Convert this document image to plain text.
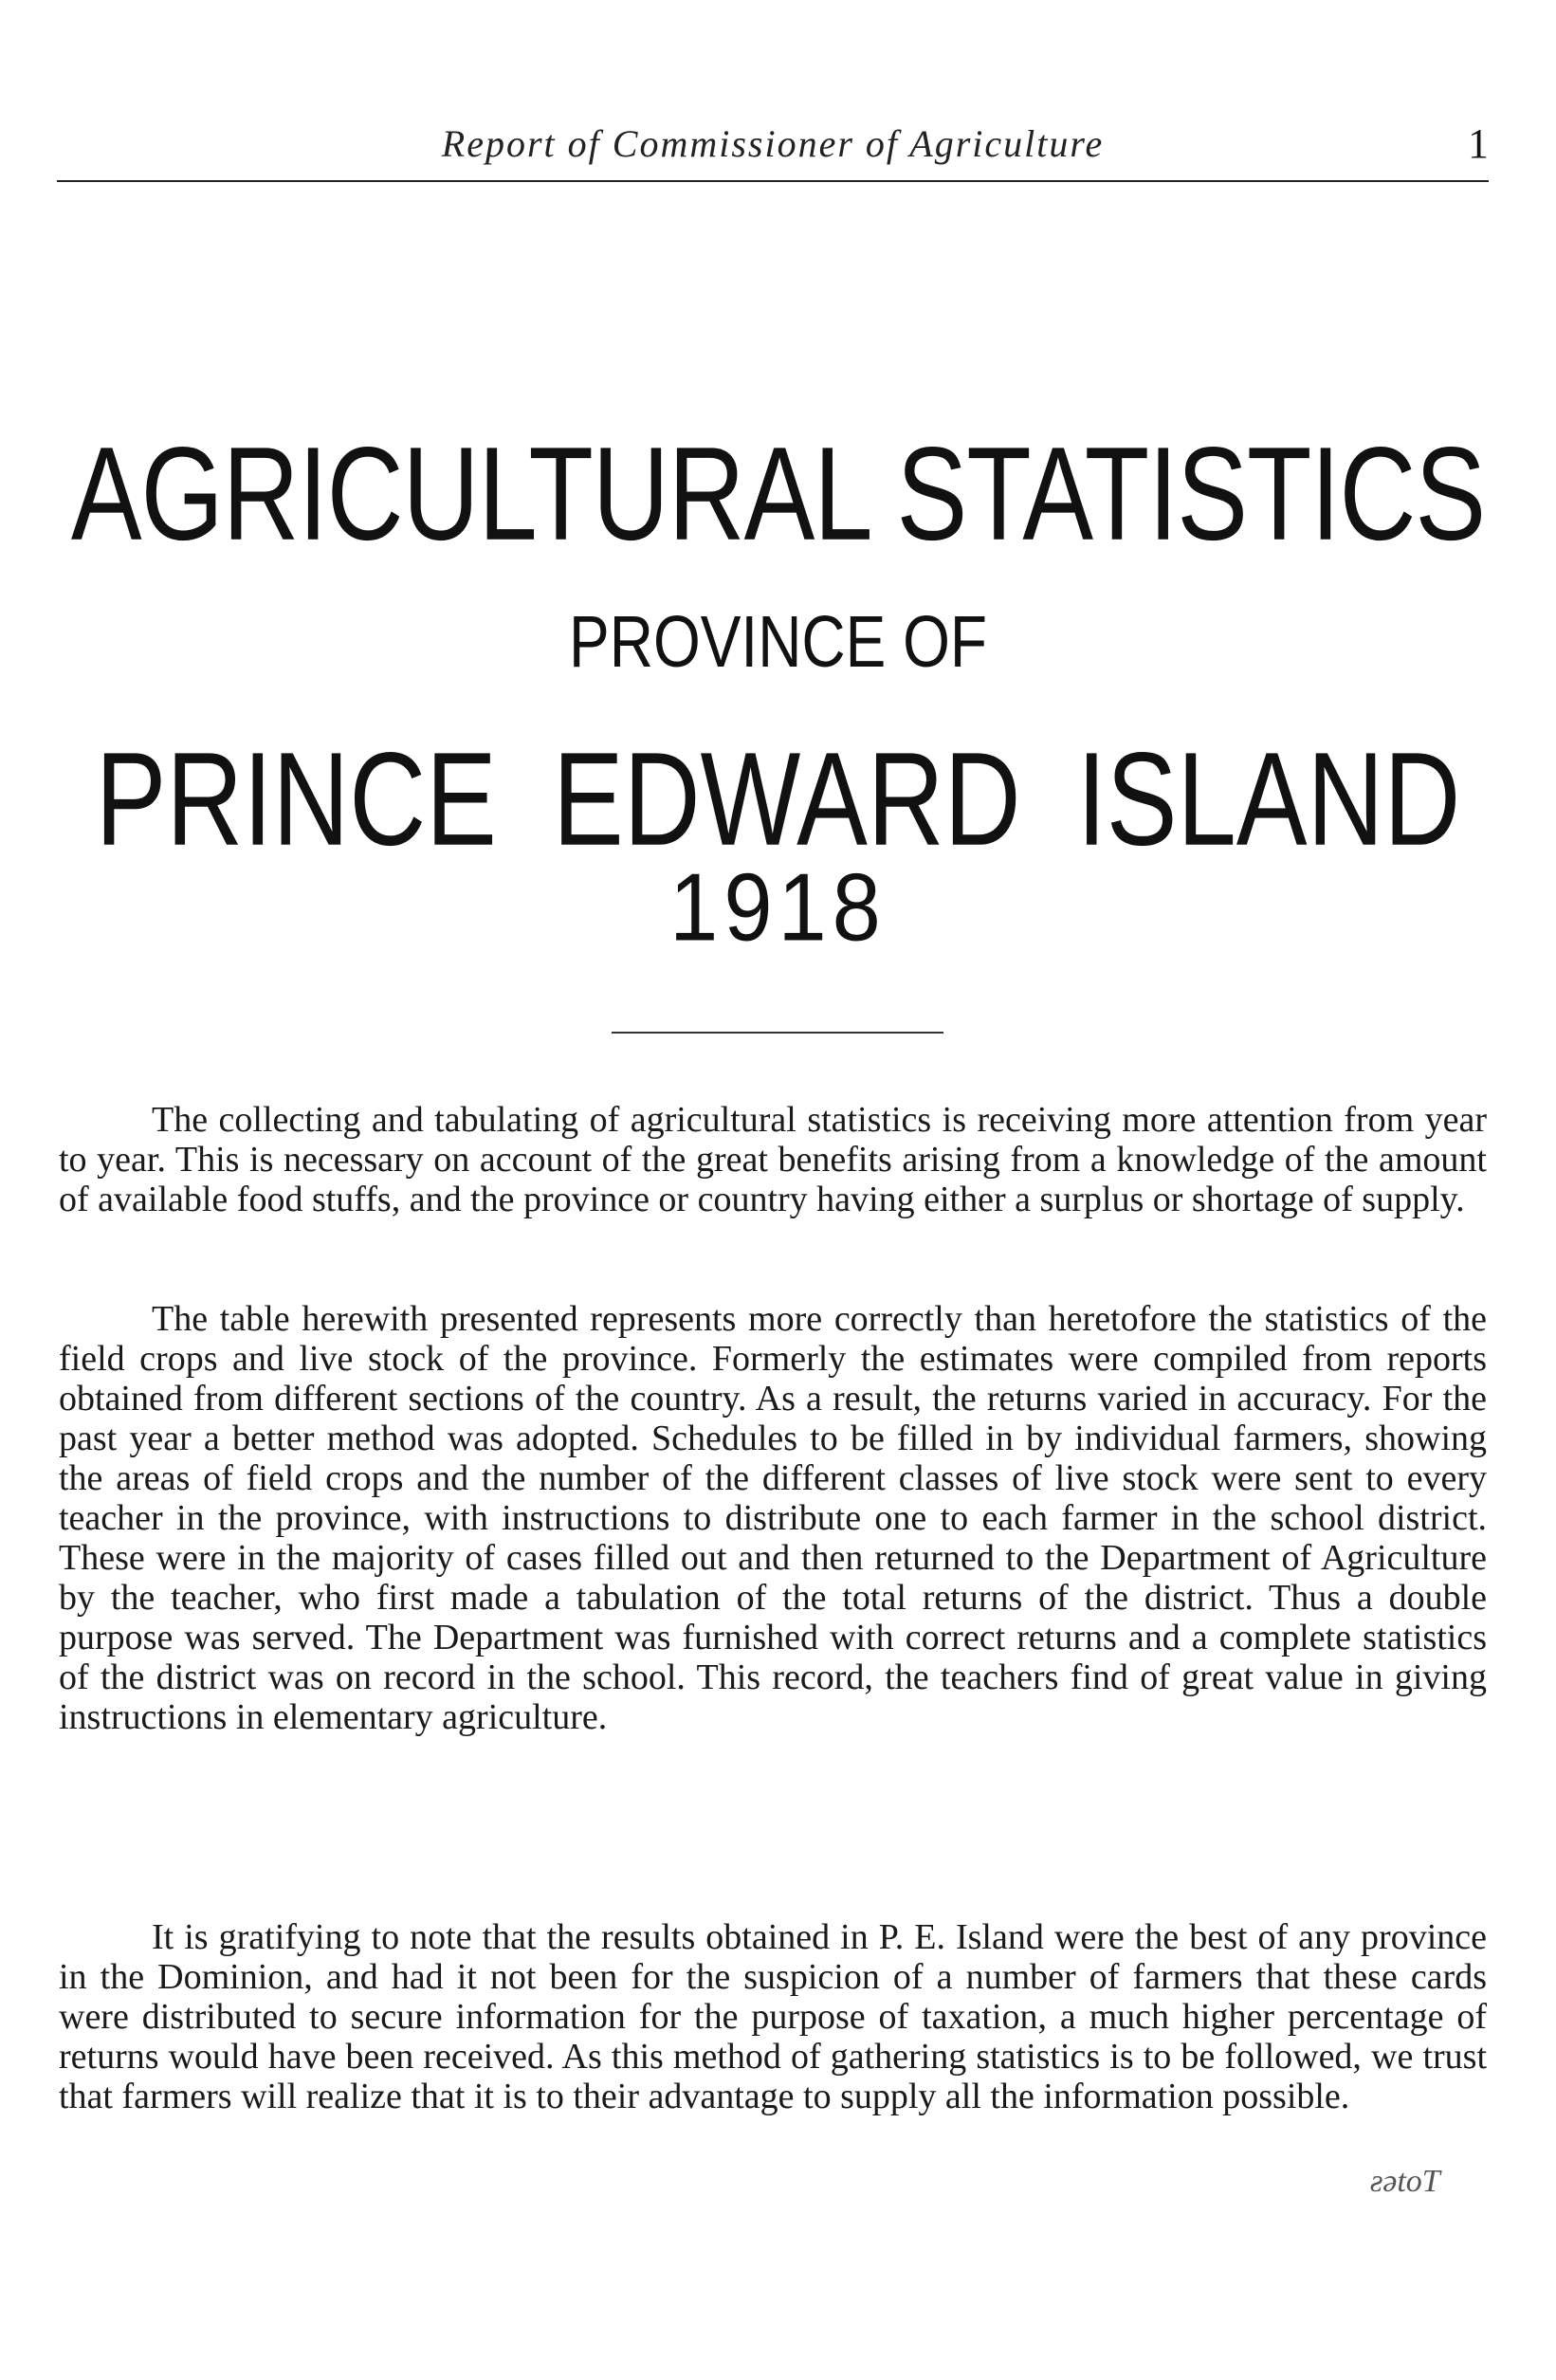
Report of Commissioner of Agriculture	1
AGRICULTURAL STATISTICS
PROVINCE OF
PRINCE EDWARD ISLAND
1918

The collecting and tabulating of agricultural statistics is receiving more attention from year to year. This is necessary on account of the great benefits arising from a knowledge of the amount of available food stuffs, and the province or country having either a surplus or shortage of supply.

The table herewith presented represents more correctly than heretofore the statistics of the field crops and live stock of the province. Formerly the estimates were compiled from reports obtained from different sections of the country. As a result, the returns varied in accuracy. For the past year a better method was adopted. Schedules to be filled in by individual farmers, showing the areas of field crops and the number of the different classes of live stock were sent to every teacher in the province, with instructions to distribute one to each farmer in the school district. These were in the majority of cases filled out and then returned to the Department of Agriculture by the teacher, who first made a tabulation of the total returns of the district. Thus a double purpose was served. The Department was furnished with correct returns and a complete statistics of the district was on record in the school. This record, the teachers find of great value in giving instructions in elementary agriculture.

It is gratifying to note that the results obtained in P. E. Island were the best of any province in the Dominion, and had it not been for the suspicion of a number of farmers that these cards were distributed to secure information for the purpose of taxation, a much higher percentage of returns would have been received. As this method of gathering statistics is to be followed, we trust that farmers will realize that it is to their advantage to supply all the information possible.

ƨǝtoT
